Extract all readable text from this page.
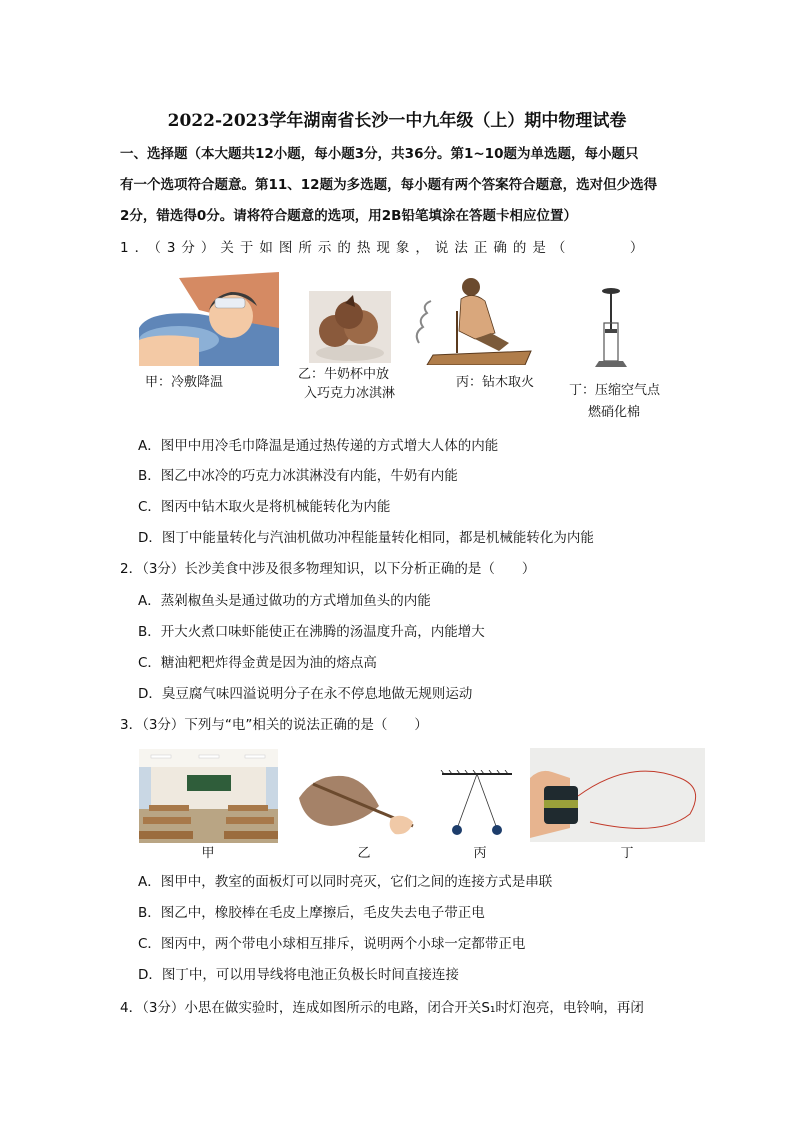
2022-2023学年湖南省长沙一中九年级（上）期中物理试卷
一、选择题（本大题共12小题，每小题3分，共36分。第1~10题为单选题，每小题只
有一个选项符合题意。第11、12题为多选题，每小题有两个答案符合题意，选对但少选得
2分，错选得0分。请将符合题意的选项，用2B铅笔填涂在答题卡相应位置）
1．（3分）关于如图所示的热现象，说法正确的是（　　　）
甲：冷敷降温
乙：牛奶杯中放
入巧克力冰淇淋
丙：钻木取火
丁：压缩空气点
燃硝化棉
A．图甲中用冷毛巾降温是通过热传递的方式增大人体的内能
B．图乙中冰冷的巧克力冰淇淋没有内能，牛奶有内能
C．图丙中钻木取火是将机械能转化为内能
D．图丁中能量转化与汽油机做功冲程能量转化相同，都是机械能转化为内能
2．（3分）长沙美食中涉及很多物理知识，以下分析正确的是（　　）
A．蒸剁椒鱼头是通过做功的方式增加鱼头的内能
B．开大火煮口味虾能使正在沸腾的汤温度升高，内能增大
C．糖油粑粑炸得金黄是因为油的熔点高
D．臭豆腐气味四溢说明分子在永不停息地做无规则运动
3．（3分）下列与“电”相关的说法正确的是（　　）
甲	乙	丙	丁
A．图甲中，教室的面板灯可以同时亮灭，它们之间的连接方式是串联
B．图乙中，橡胶棒在毛皮上摩擦后，毛皮失去电子带正电
C．图丙中，两个带电小球相互排斥，说明两个小球一定都带正电
D．图丁中，可以用导线将电池正负极长时间直接连接
4．（3分）小思在做实验时，连成如图所示的电路，闭合开关S₁时灯泡亮，电铃响，再闭
